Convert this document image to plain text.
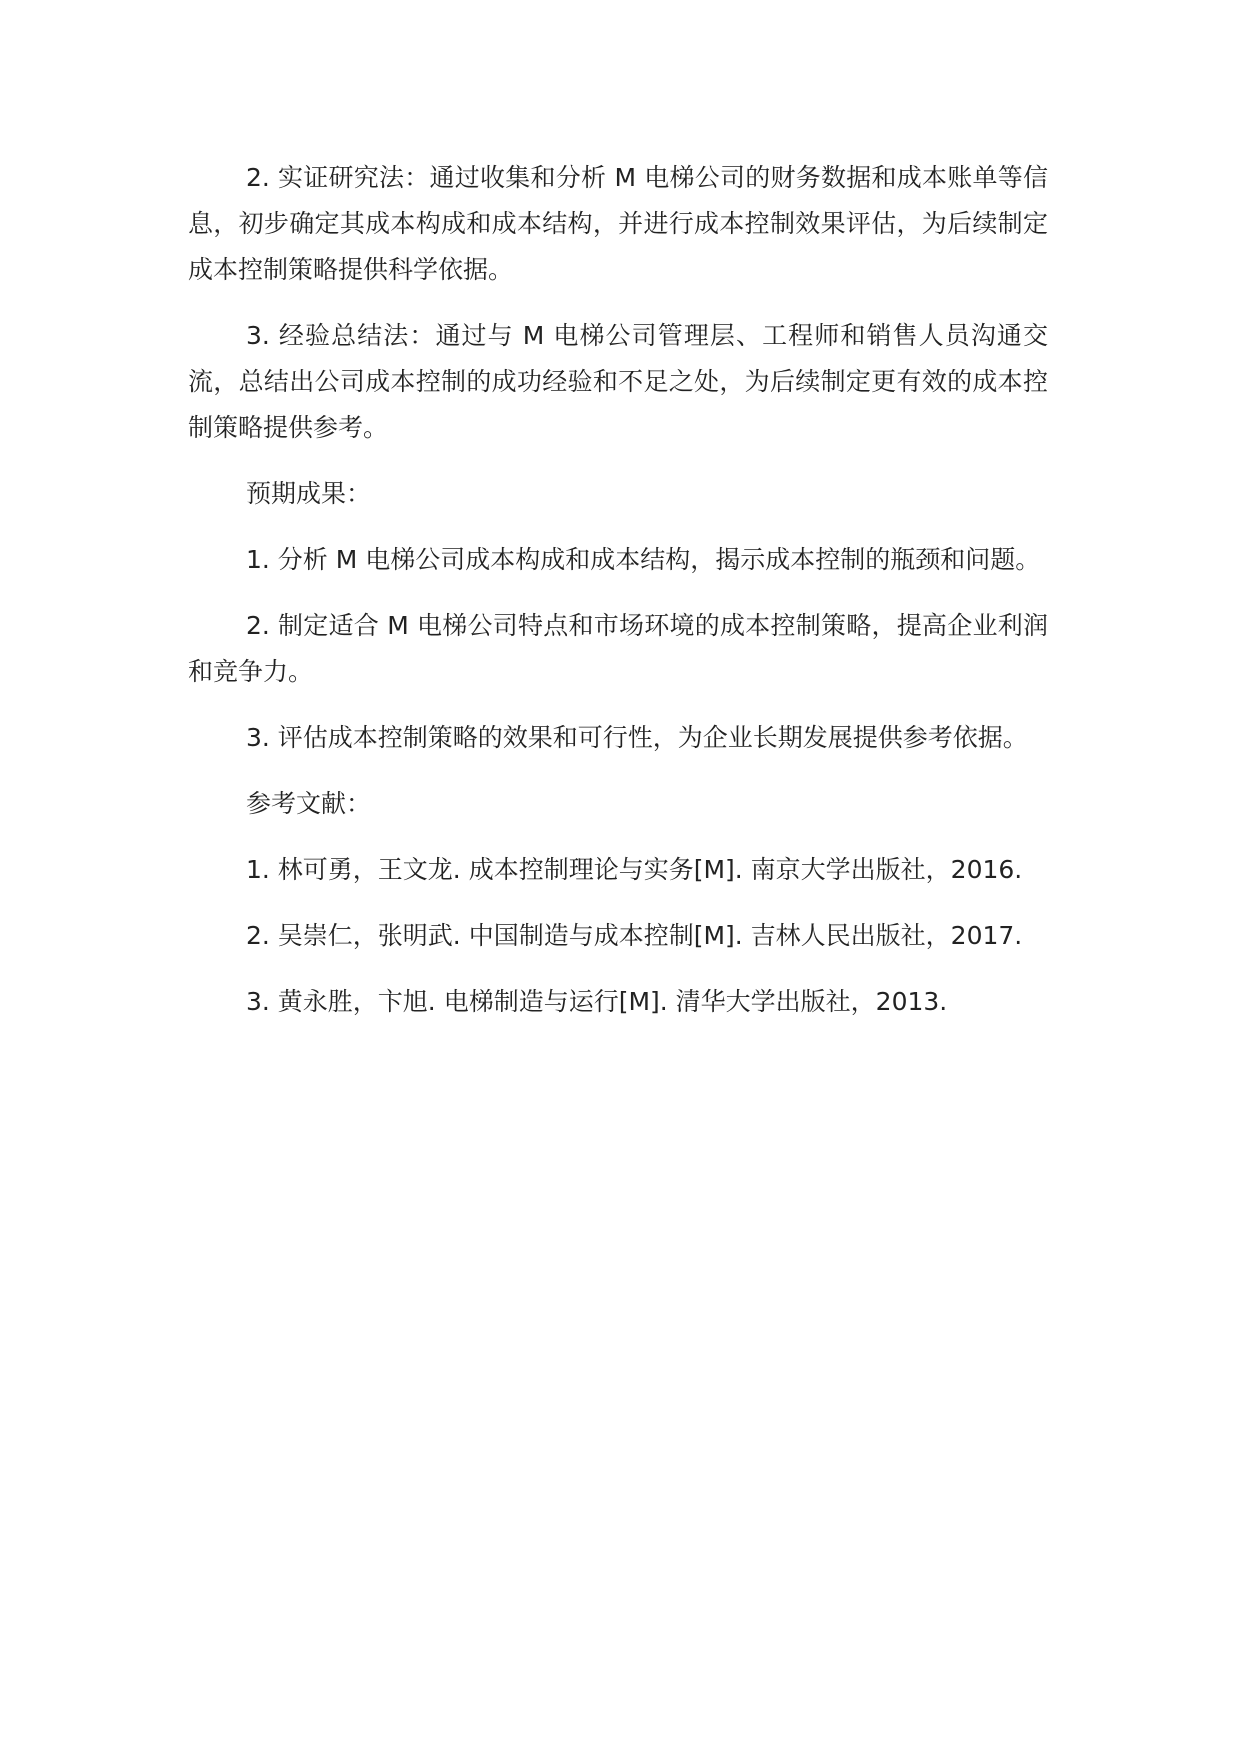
2. 实证研究法：通过收集和分析 M 电梯公司的财务数据和成本账单等信息，初步确定其成本构成和成本结构，并进行成本控制效果评估，为后续制定成本控制策略提供科学依据。

3. 经验总结法：通过与 M 电梯公司管理层、工程师和销售人员沟通交流，总结出公司成本控制的成功经验和不足之处，为后续制定更有效的成本控制策略提供参考。

预期成果：

1. 分析 M 电梯公司成本构成和成本结构，揭示成本控制的瓶颈和问题。

2. 制定适合 M 电梯公司特点和市场环境的成本控制策略，提高企业利润和竞争力。

3. 评估成本控制策略的效果和可行性，为企业长期发展提供参考依据。

参考文献：

1. 林可勇，王文龙. 成本控制理论与实务[M]. 南京大学出版社，2016.

2. 吴崇仁，张明武. 中国制造与成本控制[M]. 吉林人民出版社，2017.

3. 黄永胜，卞旭. 电梯制造与运行[M]. 清华大学出版社，2013.
